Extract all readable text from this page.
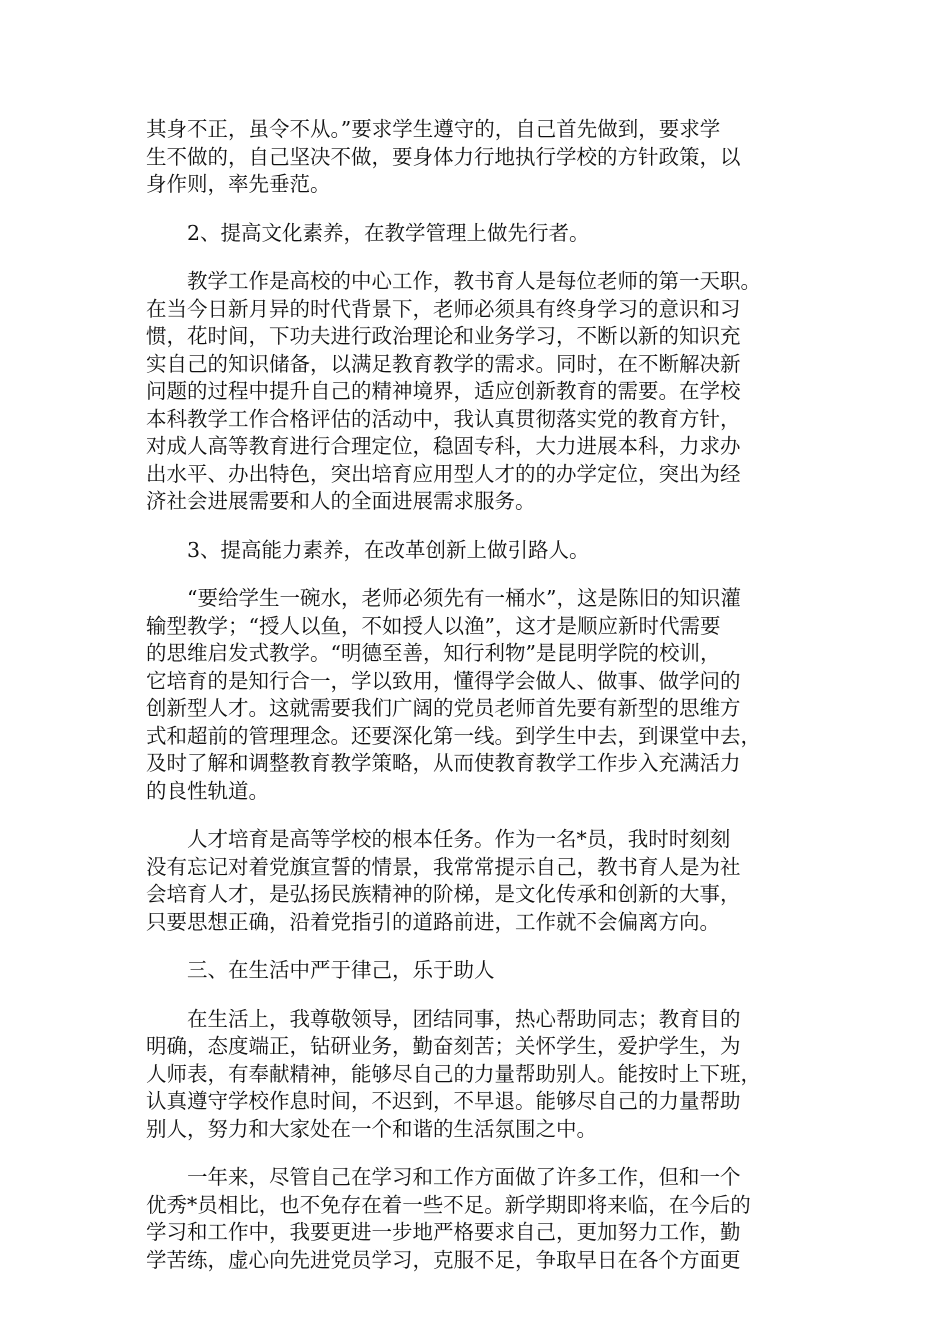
其身不正，虽令不从。”要求学生遵守的，自己首先做到，要求学
生不做的，自己坚决不做，要身体力行地执行学校的方针政策，以
身作则，率先垂范。
2、提高文化素养，在教学管理上做先行者。
教学工作是高校的中心工作，教书育人是每位老师的第一天职。
在当今日新月异的时代背景下，老师必须具有终身学习的意识和习
惯，花时间，下功夫进行政治理论和业务学习，不断以新的知识充
实自己的知识储备，以满足教育教学的需求。同时，在不断解决新
问题的过程中提升自己的精神境界，适应创新教育的需要。在学校
本科教学工作合格评估的活动中，我认真贯彻落实党的教育方针，
对成人高等教育进行合理定位，稳固专科，大力进展本科，力求办
出水平、办出特色，突出培育应用型人才的的办学定位，突出为经
济社会进展需要和人的全面进展需求服务。
3、提高能力素养，在改革创新上做引路人。
“要给学生一碗水，老师必须先有一桶水”，这是陈旧的知识灌
输型教学；“授人以鱼，不如授人以渔”，这才是顺应新时代需要
的思维启发式教学。“明德至善，知行利物”是昆明学院的校训，
它培育的是知行合一，学以致用，懂得学会做人、做事、做学问的
创新型人才。这就需要我们广阔的党员老师首先要有新型的思维方
式和超前的管理理念。还要深化第一线。到学生中去，到课堂中去，
及时了解和调整教育教学策略，从而使教育教学工作步入充满活力
的良性轨道。
人才培育是高等学校的根本任务。作为一名*员，我时时刻刻
没有忘记对着党旗宣誓的情景，我常常提示自己，教书育人是为社
会培育人才，是弘扬民族精神的阶梯，是文化传承和创新的大事，
只要思想正确，沿着党指引的道路前进，工作就不会偏离方向。
三、在生活中严于律己，乐于助人
在生活上，我尊敬领导，团结同事，热心帮助同志；教育目的
明确，态度端正，钻研业务，勤奋刻苦；关怀学生，爱护学生，为
人师表，有奉献精神，能够尽自己的力量帮助别人。能按时上下班，
认真遵守学校作息时间，不迟到，不早退。能够尽自己的力量帮助
别人，努力和大家处在一个和谐的生活氛围之中。
一年来，尽管自己在学习和工作方面做了许多工作，但和一个
优秀*员相比，也不免存在着一些不足。新学期即将来临，在今后的
学习和工作中，我要更进一步地严格要求自己，更加努力工作，勤
学苦练，虚心向先进党员学习，克服不足，争取早日在各个方面更
